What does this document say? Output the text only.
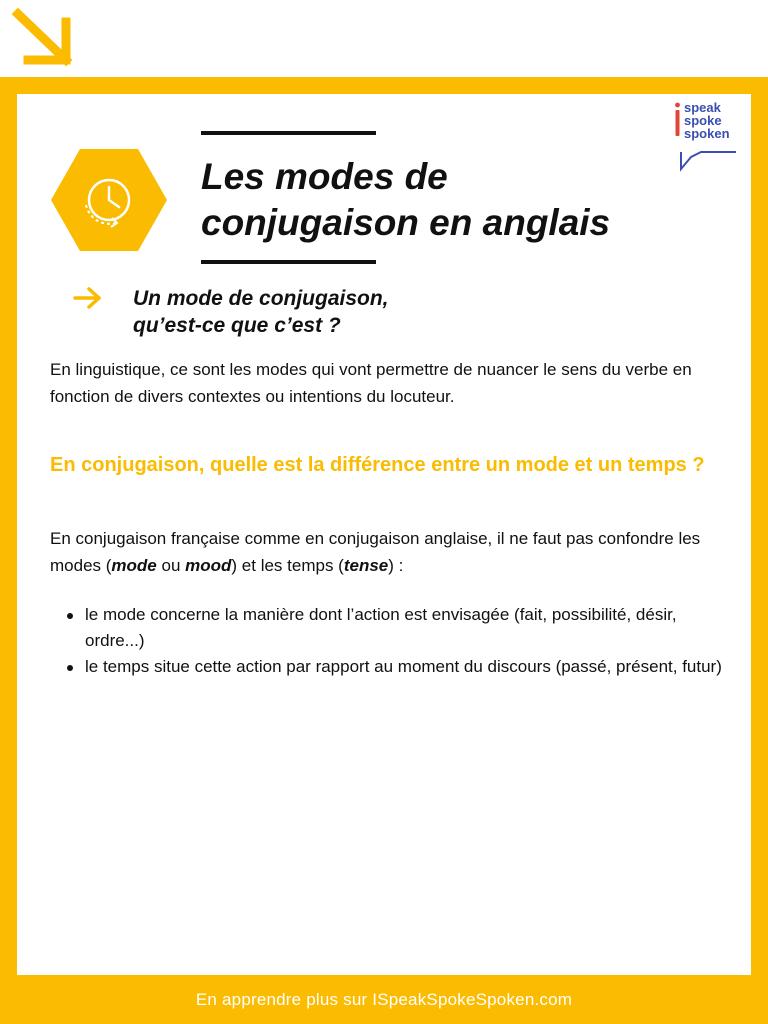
speak
spoke
spoken
Les modes de
conjugaison en anglais
Un mode de conjugaison,
qu’est-ce que c’est ?

En linguistique, ce sont les modes qui vont permettre de nuancer le sens du verbe en fonction de divers contextes ou intentions du locuteur.

En conjugaison, quelle est la différence entre un mode et un temps ?

En conjugaison française comme en conjugaison anglaise, il ne faut pas confondre les modes (mode ou mood) et les temps (tense) :

le mode concerne la manière dont l’action est envisagée (fait, possibilité, désir, ordre...)
le temps situe cette action par rapport au moment du discours (passé, présent, futur)
En apprendre plus sur ISpeakSpokeSpoken.com
